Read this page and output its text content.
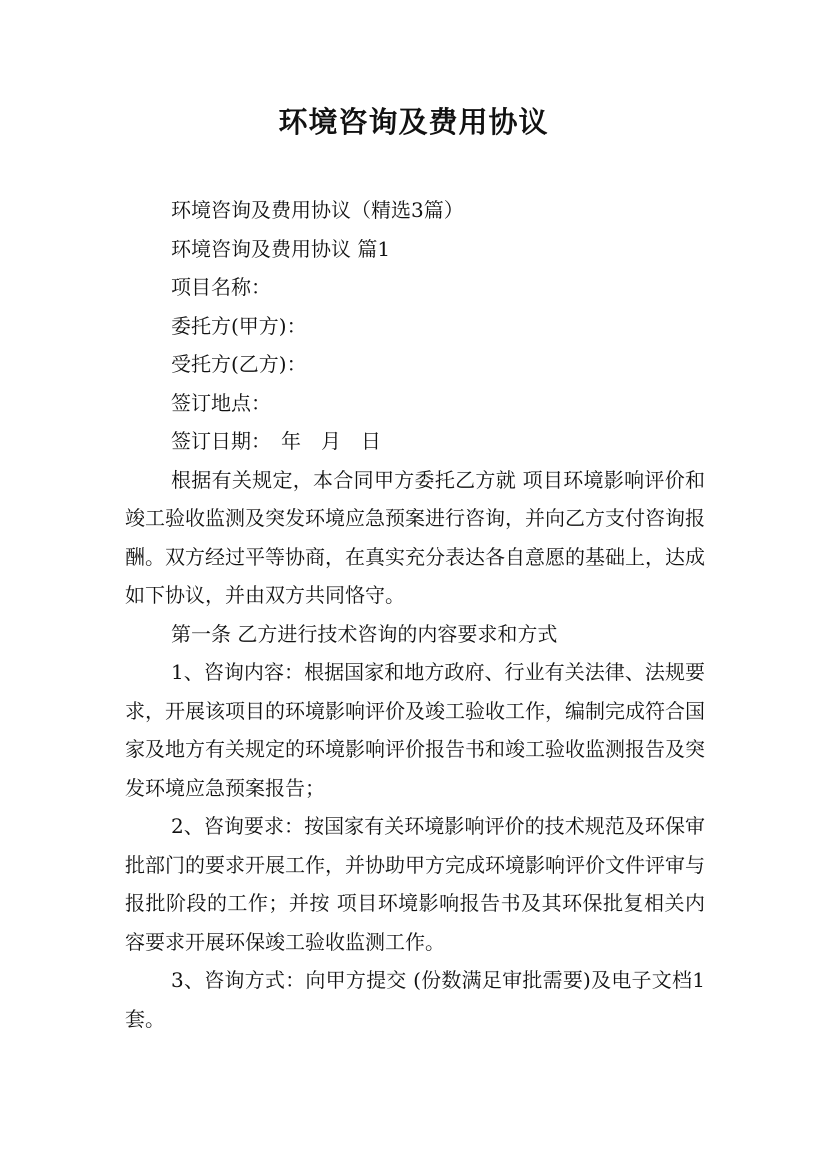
环境咨询及费用协议

环境咨询及费用协议（精选3篇）

环境咨询及费用协议 篇1

项目名称：

委托方(甲方)：

受托方(乙方)：

签订地点：

签订日期：　年　月　日

根据有关规定，本合同甲方委托乙方就 项目环境影响评价和竣工验收监测及突发环境应急预案进行咨询，并向乙方支付咨询报酬。双方经过平等协商，在真实充分表达各自意愿的基础上，达成如下协议，并由双方共同恪守。

第一条 乙方进行技术咨询的内容要求和方式

1、咨询内容：根据国家和地方政府、行业有关法律、法规要求，开展该项目的环境影响评价及竣工验收工作，编制完成符合国家及地方有关规定的环境影响评价报告书和竣工验收监测报告及突发环境应急预案报告；

2、咨询要求：按国家有关环境影响评价的技术规范及环保审批部门的要求开展工作，并协助甲方完成环境影响评价文件评审与报批阶段的工作；并按 项目环境影响报告书及其环保批复相关内容要求开展环保竣工验收监测工作。

3、咨询方式：向甲方提交 (份数满足审批需要)及电子文档1套。
